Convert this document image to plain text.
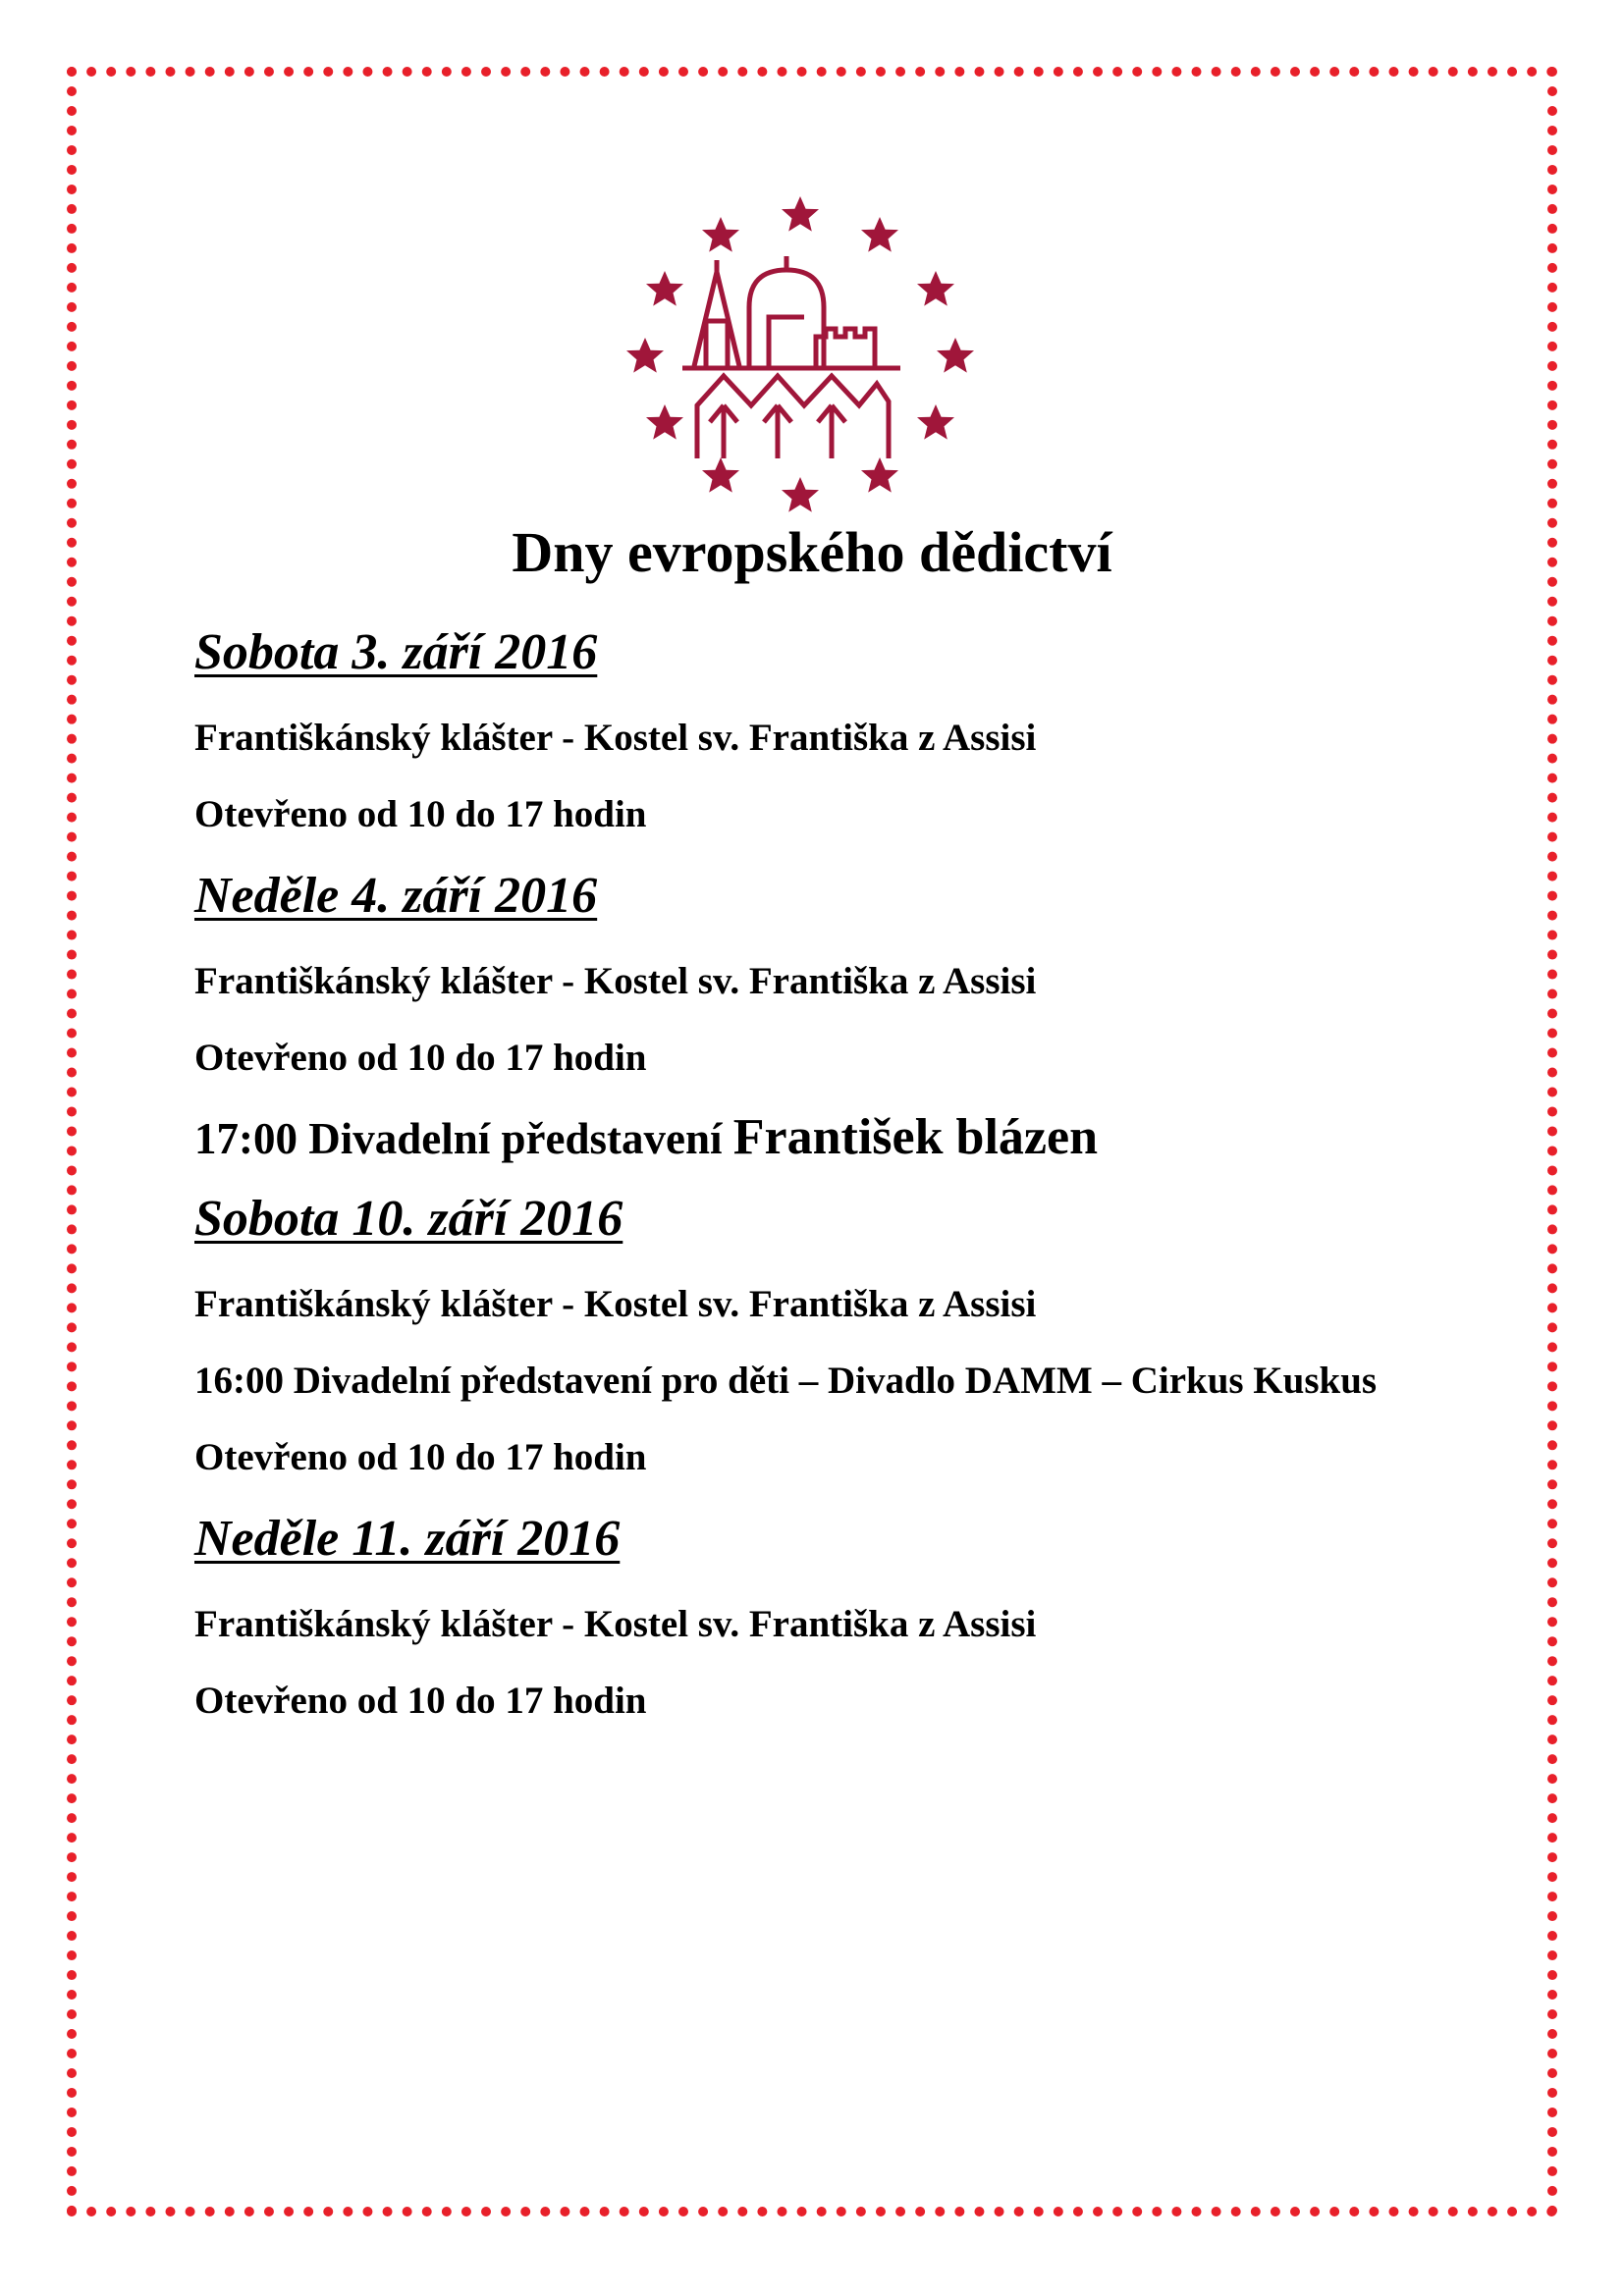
Dny evropského dědictví
Sobota 3. září 2016

Františkánský klášter - Kostel sv. Františka z Assisi

Otevřeno od 10 do 17 hodin

Neděle 4. září 2016

Františkánský klášter - Kostel sv. Františka z Assisi

Otevřeno od 10 do 17 hodin

17:00 Divadelní představení František blázen

Sobota 10. září 2016

Františkánský klášter - Kostel sv. Františka z Assisi

16:00 Divadelní představení pro děti – Divadlo DAMM – Cirkus Kuskus

Otevřeno od 10 do 17 hodin

Neděle 11. září 2016

Františkánský klášter - Kostel sv. Františka z Assisi

Otevřeno od 10 do 17 hodin
